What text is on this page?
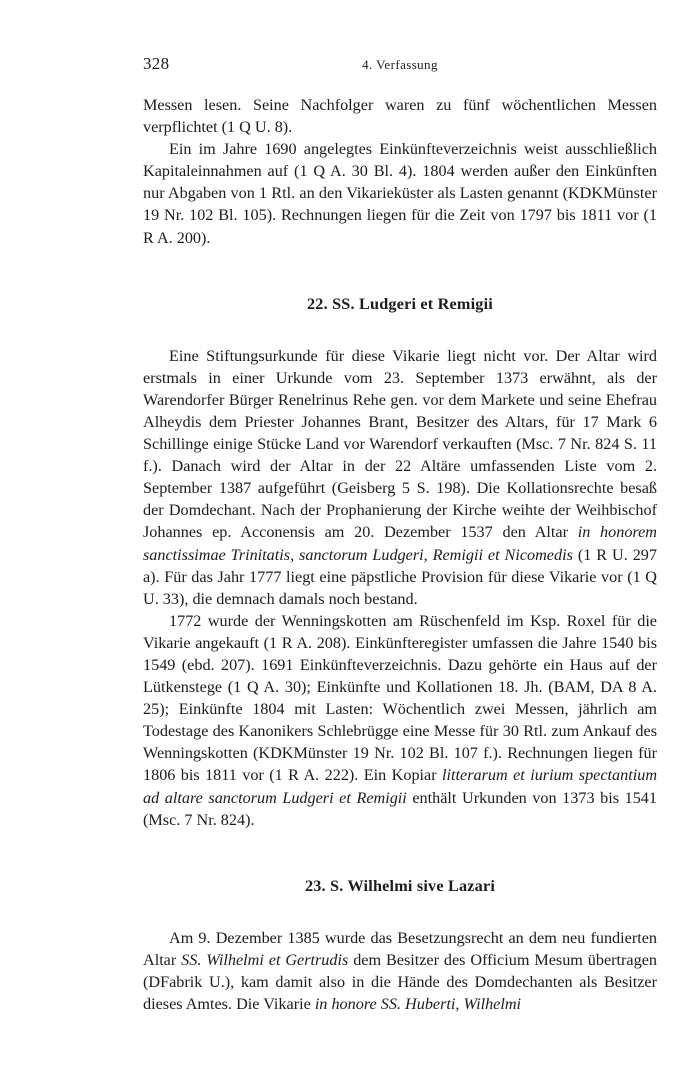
328	4. Verfassung

Messen lesen. Seine Nachfolger waren zu fünf wöchentlichen Messen verpflichtet (1 Q U. 8).

Ein im Jahre 1690 angelegtes Einkünfteverzeichnis weist ausschließlich Kapitaleinnahmen auf (1 Q A. 30 Bl. 4). 1804 werden außer den Einkünften nur Abgaben von 1 Rtl. an den Vikarieküster als Lasten genannt (KDKMünster 19 Nr. 102 Bl. 105). Rechnungen liegen für die Zeit von 1797 bis 1811 vor (1 R A. 200).

22. SS. Ludgeri et Remigii

Eine Stiftungsurkunde für diese Vikarie liegt nicht vor. Der Altar wird erstmals in einer Urkunde vom 23. September 1373 erwähnt, als der Warendorfer Bürger Renelrinus Rehe gen. vor dem Markete und seine Ehefrau Alheydis dem Priester Johannes Brant, Besitzer des Altars, für 17 Mark 6 Schillinge einige Stücke Land vor Warendorf verkauften (Msc. 7 Nr. 824 S. 11 f.). Danach wird der Altar in der 22 Altäre umfassenden Liste vom 2. September 1387 aufgeführt (Geisberg 5 S. 198). Die Kollationsrechte besaß der Domdechant. Nach der Prophanierung der Kirche weihte der Weihbischof Johannes ep. Acconensis am 20. Dezember 1537 den Altar in honorem sanctissimae Trinitatis, sanctorum Ludgeri, Remigii et Nicomedis (1 R U. 297 a). Für das Jahr 1777 liegt eine päpstliche Provision für diese Vikarie vor (1 Q U. 33), die demnach damals noch bestand.

1772 wurde der Wenningskotten am Rüschenfeld im Ksp. Roxel für die Vikarie angekauft (1 R A. 208). Einkünfteregister umfassen die Jahre 1540 bis 1549 (ebd. 207). 1691 Einkünfteverzeichnis. Dazu gehörte ein Haus auf der Lütkenstege (1 Q A. 30); Einkünfte und Kollationen 18. Jh. (BAM, DA 8 A. 25); Einkünfte 1804 mit Lasten: Wöchentlich zwei Messen, jährlich am Todestage des Kanonikers Schlebrügge eine Messe für 30 Rtl. zum Ankauf des Wenningskotten (KDKMünster 19 Nr. 102 Bl. 107 f.). Rechnungen liegen für 1806 bis 1811 vor (1 R A. 222). Ein Kopiar litterarum et iurium spectantium ad altare sanctorum Ludgeri et Remigii enthält Urkunden von 1373 bis 1541 (Msc. 7 Nr. 824).

23. S. Wilhelmi sive Lazari

Am 9. Dezember 1385 wurde das Besetzungsrecht an dem neu fundierten Altar SS. Wilhelmi et Gertrudis dem Besitzer des Officium Mesum übertragen (DFabrik U.), kam damit also in die Hände des Domdechanten als Besitzer dieses Amtes. Die Vikarie in honore SS. Huberti, Wilhelmi
